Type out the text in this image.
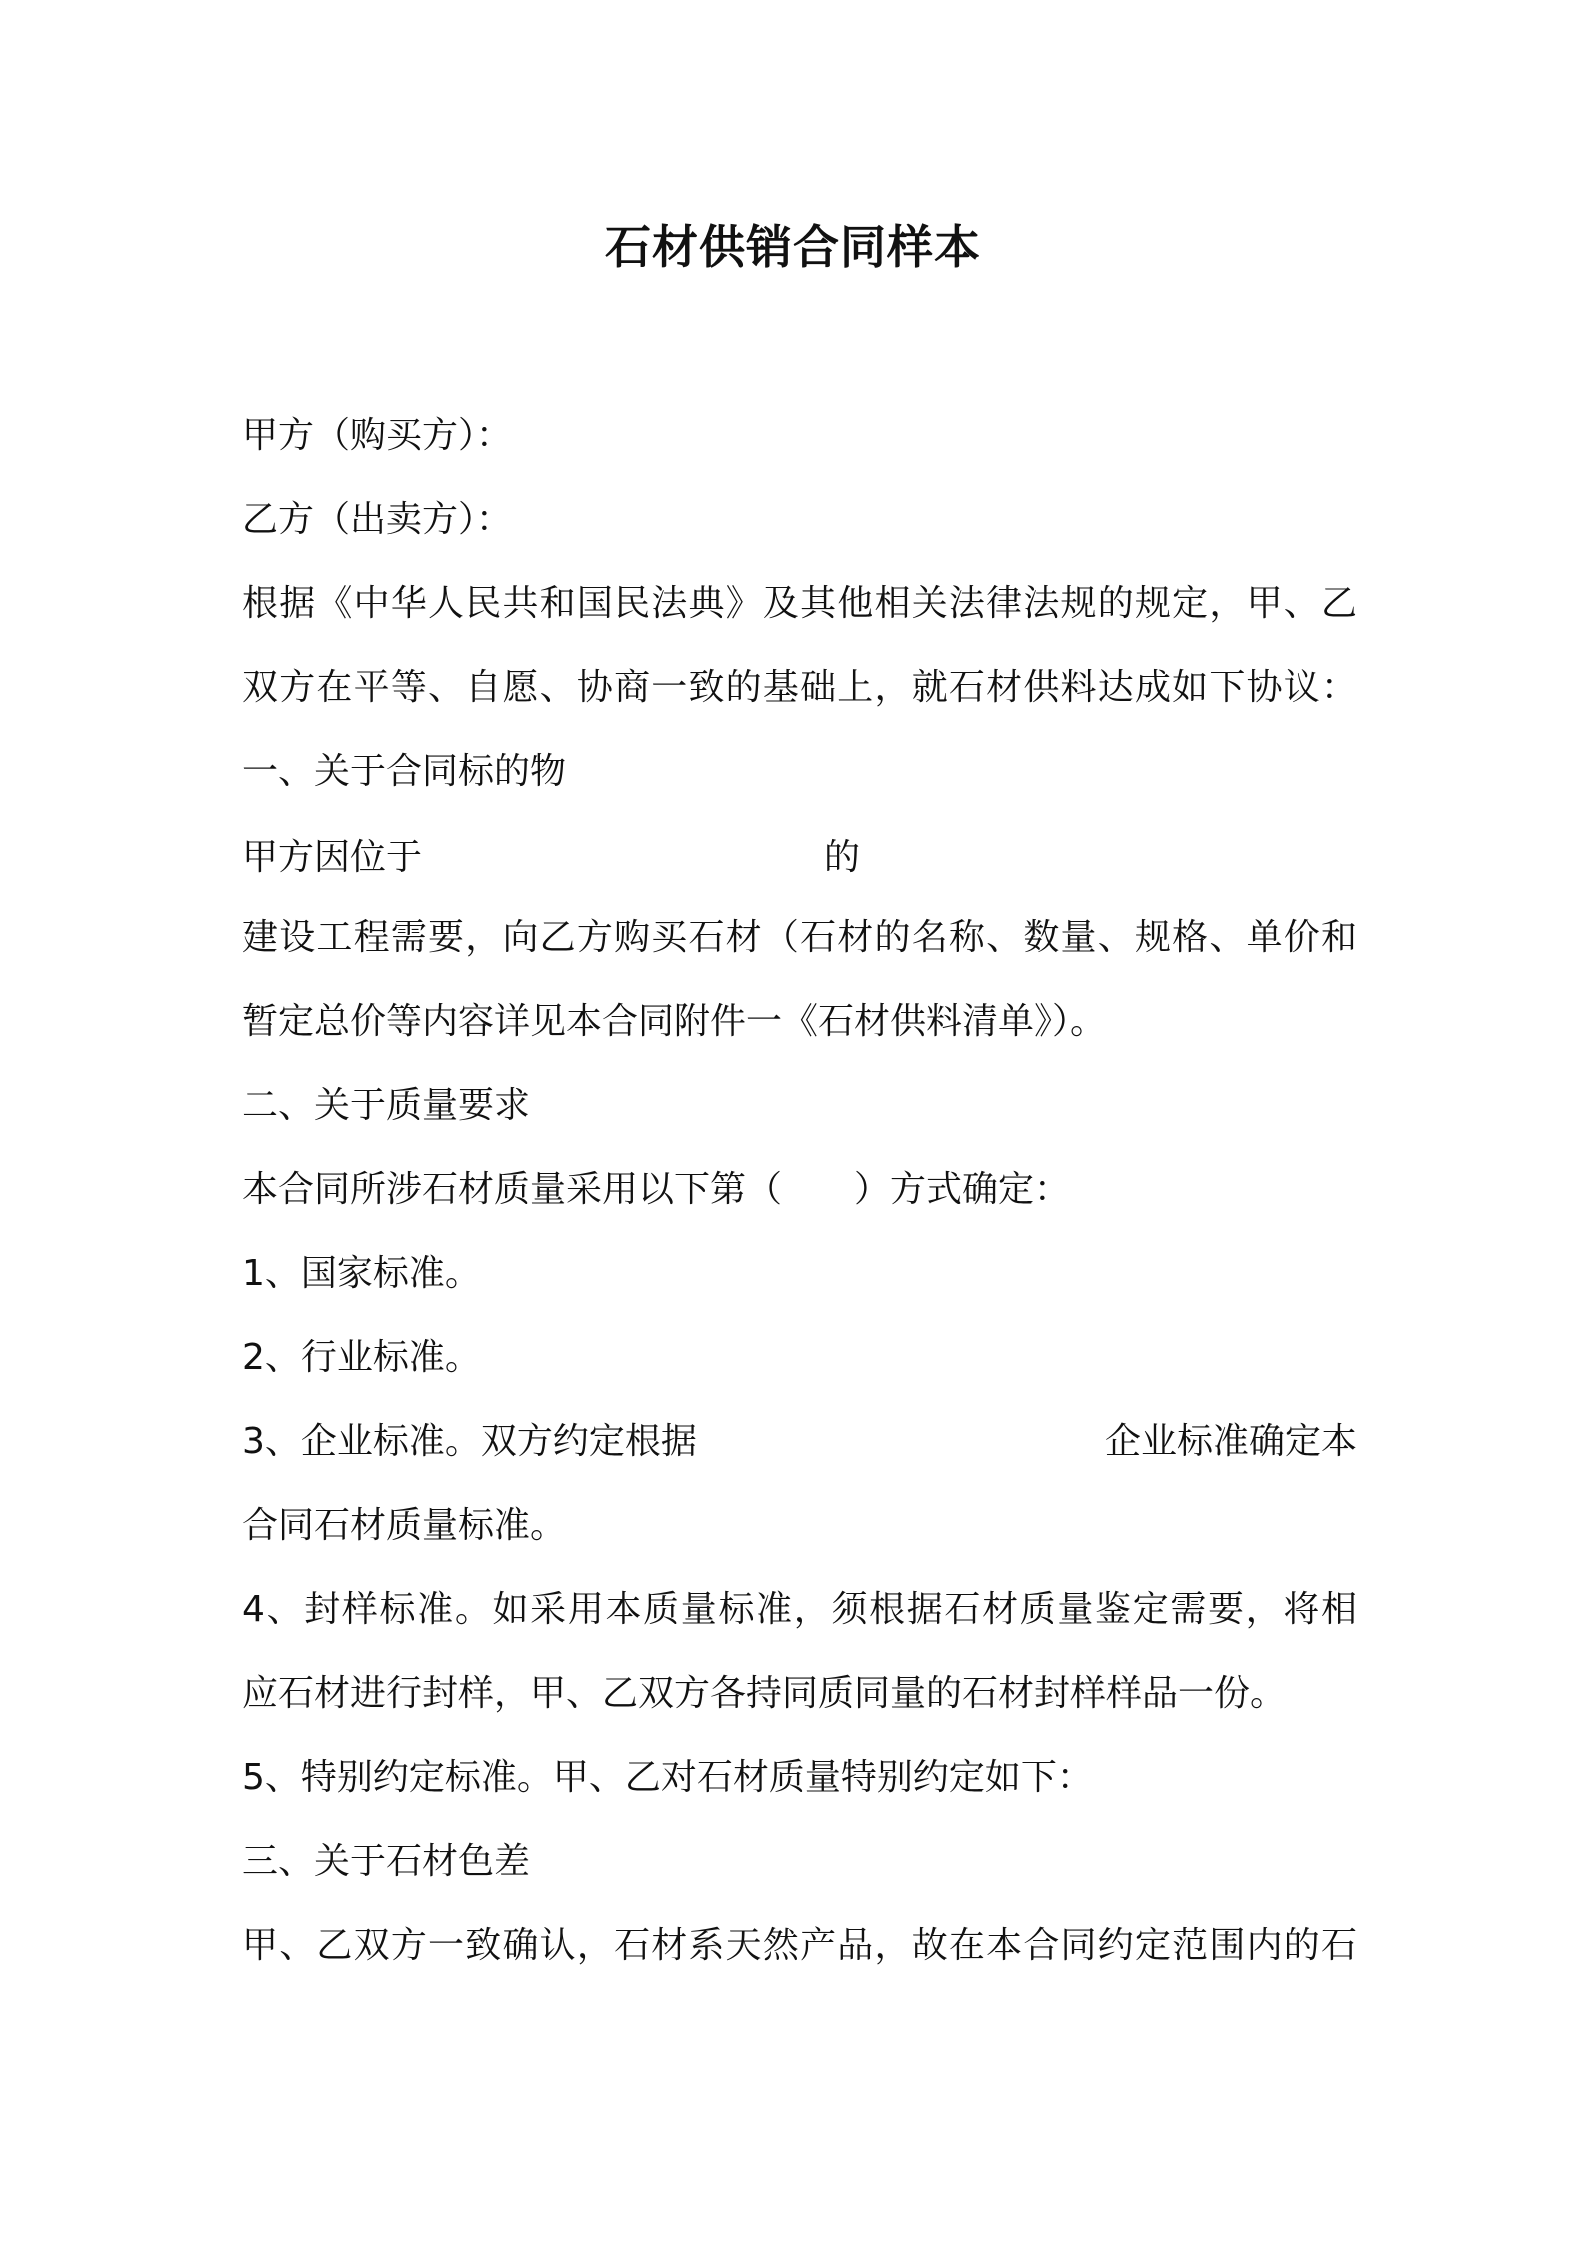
石材供销合同样本
甲方（购买方）：
乙方（出卖方）：
根据《中华人民共和国民法典》及其他相关法律法规的规定，甲、乙
双方在平等、自愿、协商一致的基础上，就石材供料达成如下协议：
一、关于合同标的物
甲方因位于	的
建设工程需要，向乙方购买石材（石材的名称、数量、规格、单价和
暂定总价等内容详见本合同附件一《石材供料清单》）。
二、关于质量要求
本合同所涉石材质量采用以下第（　　）方式确定：
1、国家标准。
2、行业标准。
3、企业标准。双方约定根据	企业标准确定本
合同石材质量标准。
4、封样标准。如采用本质量标准，须根据石材质量鉴定需要，将相
应石材进行封样，甲、乙双方各持同质同量的石材封样样品一份。
5、特别约定标准。甲、乙对石材质量特别约定如下：
三、关于石材色差
甲、乙双方一致确认，石材系天然产品，故在本合同约定范围内的石
